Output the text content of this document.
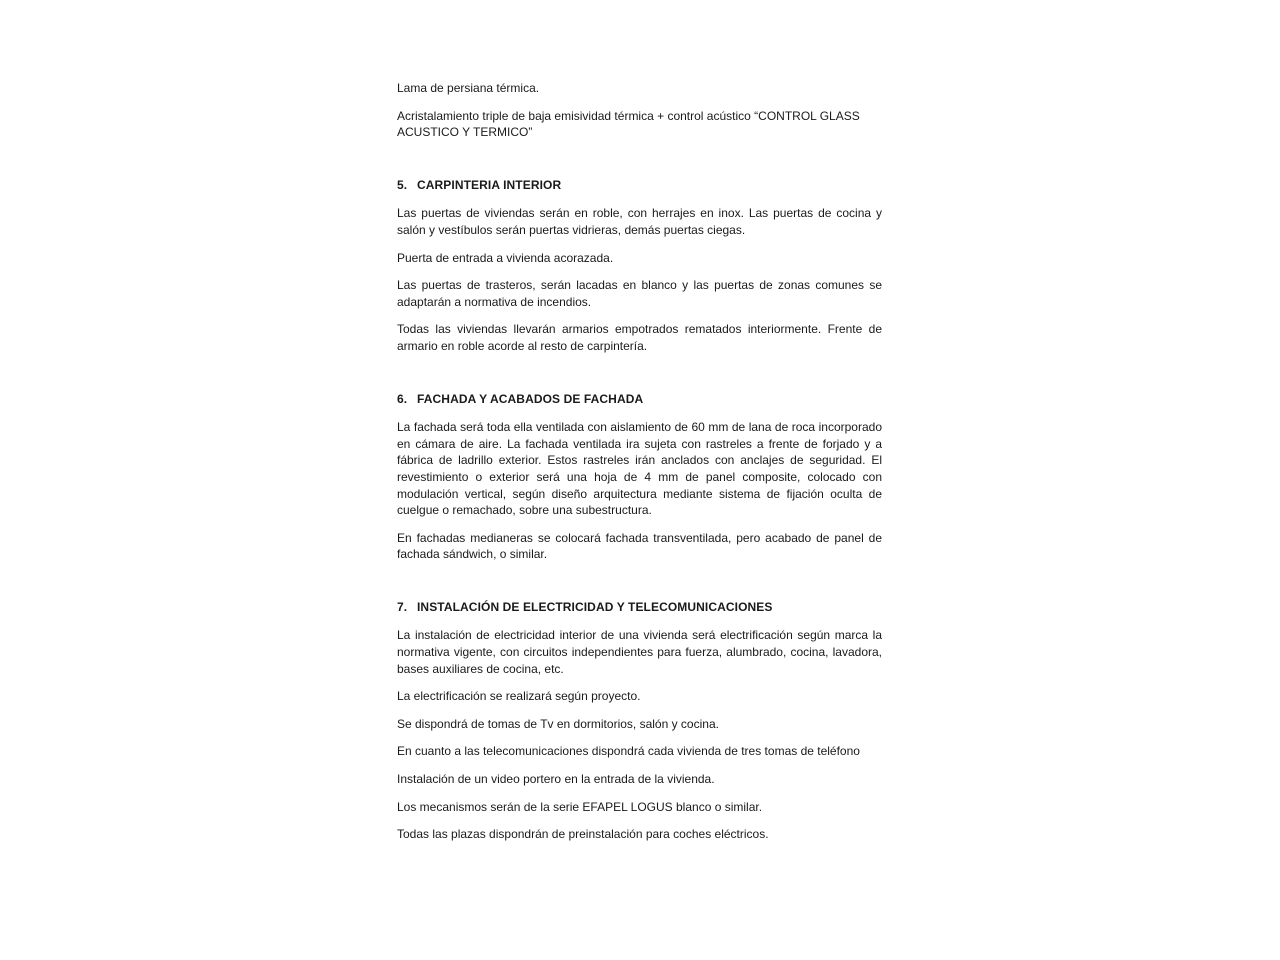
Lama de persiana térmica.

Acristalamiento triple de baja emisividad térmica + control acústico “CONTROL GLASS ACUSTICO Y TERMICO”

5. CARPINTERIA INTERIOR

Las puertas de viviendas serán en roble, con herrajes en inox. Las puertas de cocina y salón y vestíbulos serán puertas vidrieras, demás puertas ciegas.

Puerta de entrada a vivienda acorazada.

Las puertas de trasteros, serán lacadas en blanco y las puertas de zonas comunes se adaptarán a normativa de incendios.

Todas las viviendas llevarán armarios empotrados rematados interiormente. Frente de armario en roble acorde al resto de carpintería.

6. FACHADA Y ACABADOS DE FACHADA

La fachada será toda ella ventilada con aislamiento de 60 mm de lana de roca incorporado en cámara de aire. La fachada ventilada ira sujeta con rastreles a frente de forjado y a fábrica de ladrillo exterior. Estos rastreles irán anclados con anclajes de seguridad. El revestimiento o exterior será una hoja de 4 mm de panel composite, colocado con modulación vertical, según diseño arquitectura mediante sistema de fijación oculta de cuelgue o remachado, sobre una subestructura.

En fachadas medianeras se colocará fachada transventilada, pero acabado de panel de fachada sándwich, o similar.

7. INSTALACIÓN DE ELECTRICIDAD Y TELECOMUNICACIONES

La instalación de electricidad interior de una vivienda será electrificación según marca la normativa vigente, con circuitos independientes para fuerza, alumbrado, cocina, lavadora, bases auxiliares de cocina, etc.

La electrificación se realizará según proyecto.

Se dispondrá de tomas de Tv en dormitorios, salón y cocina.

En cuanto a las telecomunicaciones dispondrá cada vivienda de tres tomas de teléfono

Instalación de un video portero en la entrada de la vivienda.

Los mecanismos serán de la serie EFAPEL LOGUS blanco o similar.

Todas las plazas dispondrán de preinstalación para coches eléctricos.
